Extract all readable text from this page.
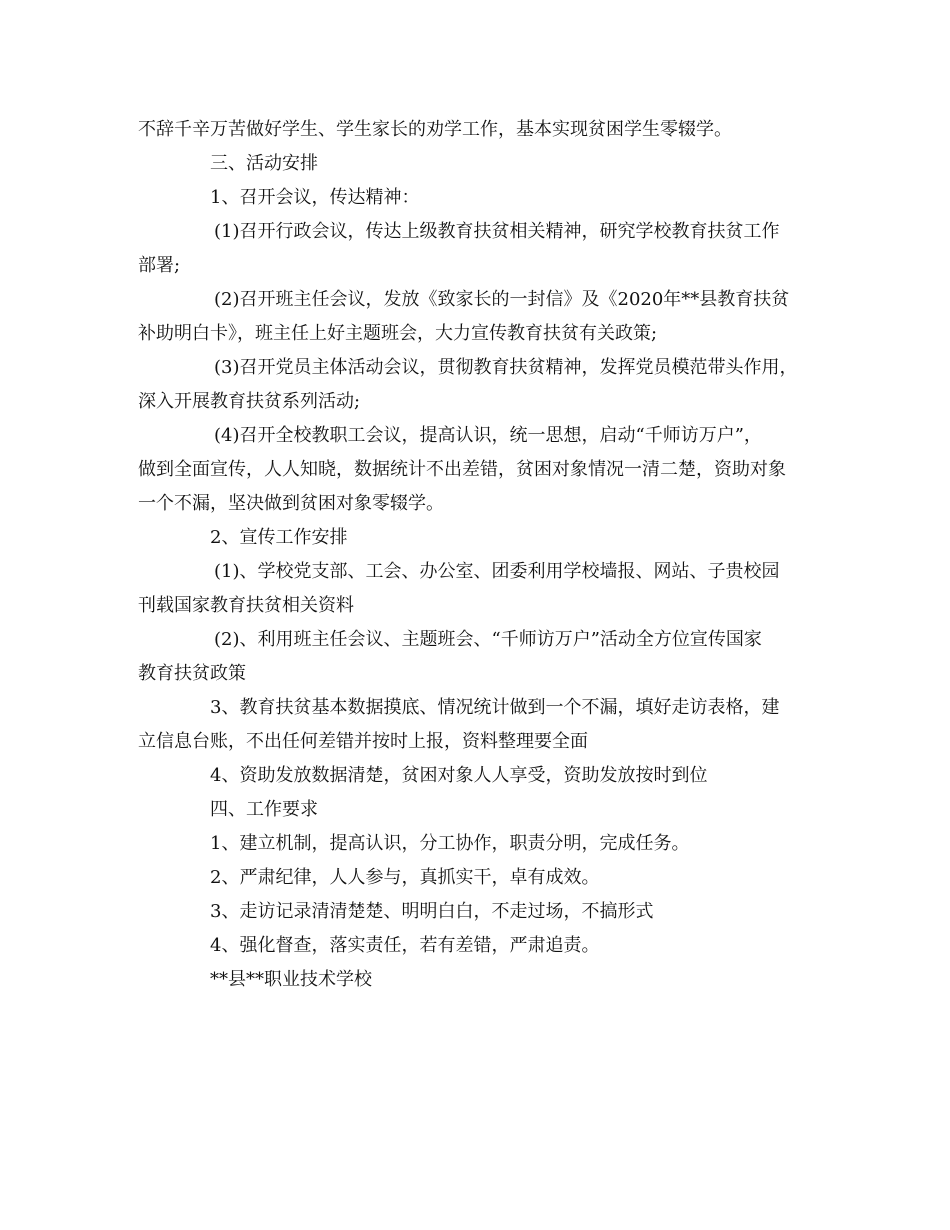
不辞千辛万苦做好学生、学生家长的劝学工作，基本实现贫困学生零辍学。
三、活动安排
1、召开会议，传达精神：
(1)召开行政会议，传达上级教育扶贫相关精神，研究学校教育扶贫工作
部署;
(2)召开班主任会议，发放《致家长的一封信》及《2020年**县教育扶贫
补助明白卡》，班主任上好主题班会，大力宣传教育扶贫有关政策;
(3)召开党员主体活动会议，贯彻教育扶贫精神，发挥党员模范带头作用，
深入开展教育扶贫系列活动;
(4)召开全校教职工会议，提高认识，统一思想，启动“千师访万户”，
做到全面宣传，人人知晓，数据统计不出差错，贫困对象情况一清二楚，资助对象
一个不漏，坚决做到贫困对象零辍学。
2、宣传工作安排
(1)、学校党支部、工会、办公室、团委利用学校墙报、网站、子贵校园
刊载国家教育扶贫相关资料
(2)、利用班主任会议、主题班会、“千师访万户”活动全方位宣传国家
教育扶贫政策
3、教育扶贫基本数据摸底、情况统计做到一个不漏，填好走访表格，建
立信息台账，不出任何差错并按时上报，资料整理要全面
4、资助发放数据清楚，贫困对象人人享受，资助发放按时到位
四、工作要求
1、建立机制，提高认识，分工协作，职责分明，完成任务。
2、严肃纪律，人人参与，真抓实干，卓有成效。
3、走访记录清清楚楚、明明白白，不走过场，不搞形式
4、强化督查，落实责任，若有差错，严肃追责。
**县**职业技术学校
